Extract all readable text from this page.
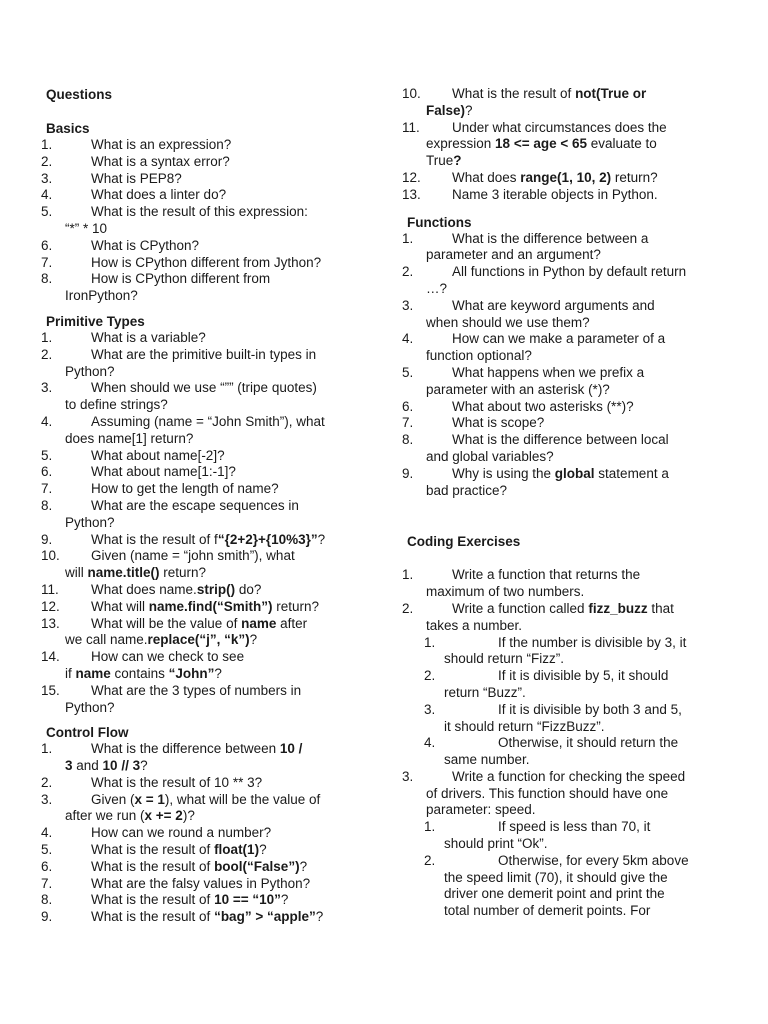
Questions

Basics

1.	What is an expression?
2.	What is a syntax error?
3.	What is PEP8?
4.	What does a linter do?
5.	What is the result of this expression:
“*” * 10
6.	What is CPython?
7.	How is CPython different from Jython?
8.	How is CPython different from
IronPython?

Primitive Types

1.	What is a variable?
2.	What are the primitive built-in types in
Python?
3.	When should we use “”” (tripe quotes)
to define strings?
4.	Assuming (name = “John Smith”), what
does name[1] return?
5.	What about name[-2]?
6.	What about name[1:-1]?
7.	How to get the length of name?
8.	What are the escape sequences in
Python?
9.	What is the result of f“{2+2}+{10%3}”?
10.	Given (name = “john smith”), what
will name.title() return?
11.	What does name.strip() do?
12.	What will name.find(“Smith”) return?
13.	What will be the value of name after
we call name.replace(“j”, “k”)?
14.	How can we check to see
if name contains “John”?
15.	What are the 3 types of numbers in
Python?

Control Flow

1.	What is the difference between 10 /
3 and 10 // 3?
2.	What is the result of 10 ** 3?
3.	Given (x = 1), what will be the value of
after we run (x += 2)?
4.	How can we round a number?
5.	What is the result of float(1)?
6.	What is the result of bool(“False”)?
7.	What are the falsy values in Python?
8.	What is the result of 10 == “10”?
9.	What is the result of “bag” > “apple”?
10.	What is the result of not(True or
False)?
11.	Under what circumstances does the
expression 18 <= age < 65 evaluate to
True?
12.	What does range(1, 10, 2) return?
13.	Name 3 iterable objects in Python.

Functions

1.	What is the difference between a
parameter and an argument?
2.	All functions in Python by default return
…?
3.	What are keyword arguments and
when should we use them?
4.	How can we make a parameter of a
function optional?
5.	What happens when we prefix a
parameter with an asterisk (*)?
6.	What about two asterisks (**)?
7.	What is scope?
8.	What is the difference between local
and global variables?
9.	Why is using the global statement a
bad practice?

Coding Exercises

1.	Write a function that returns the
maximum of two numbers.
2.	Write a function called fizz_buzz that
takes a number.
1.	If the number is divisible by 3, it
should return “Fizz”.
2.	If it is divisible by 5, it should
return “Buzz”.
3.	If it is divisible by both 3 and 5,
it should return “FizzBuzz”.
4.	Otherwise, it should return the
same number.
3.	Write a function for checking the speed
of drivers. This function should have one
parameter: speed.
1.	If speed is less than 70, it
should print “Ok”.
2.	Otherwise, for every 5km above
the speed limit (70), it should give the
driver one demerit point and print the
total number of demerit points. For
